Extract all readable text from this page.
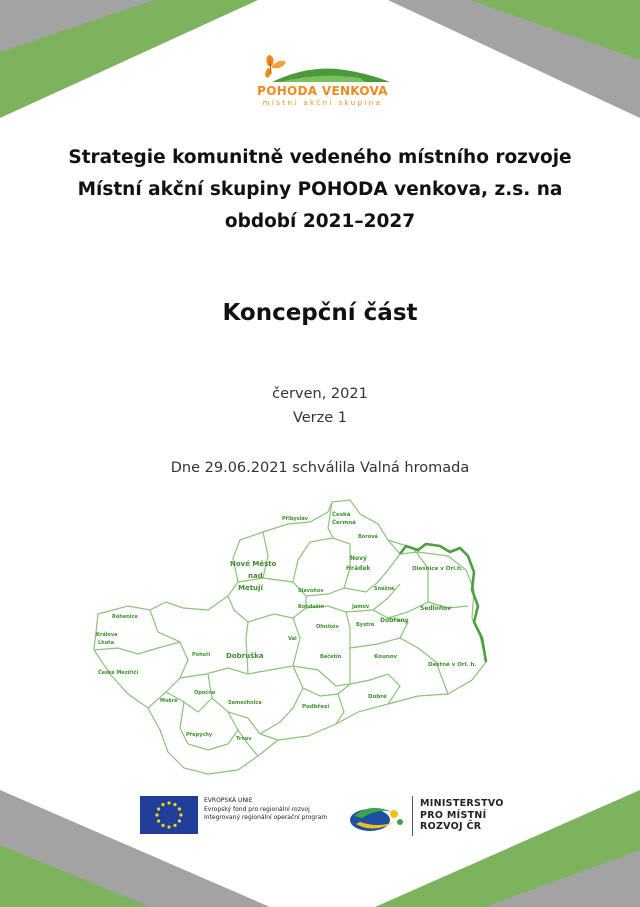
POHODA VENKOVA
místní akční skupina
Strategie komunitně vedeného místního rozvoje Místní akční skupiny POHODA venkova, z.s. na období 2021–2027
Koncepční část
červen, 2021
Verze 1
Dne 29.06.2021 schválila Valná hromada
Česká
Čermná
Borová
Přibyslav
Nové Město
nad
Metují
Nový
Hrádek	Olešnice v Orl.h.
Sněžné
Slavoňov
Bohdašín	Jamov
Dobřany
Sedloňov
Ohnišov	Bystré
Rohenice
Králova
Lhota
Val
Dobruška
Pohoří	Bačetín	Kounov
Deštné v Orl. h.
České Meziříčí
Opočno
Dobré
Mokré	Semechnice
Podbřezí
Přepychy
Trnov
EVROPSKÁ UNIE
Evropský fond pro regionální rozvoj
Integrovaný regionální operační program
MINISTERSTVO
PRO MÍSTNÍ
ROZVOJ ČR
